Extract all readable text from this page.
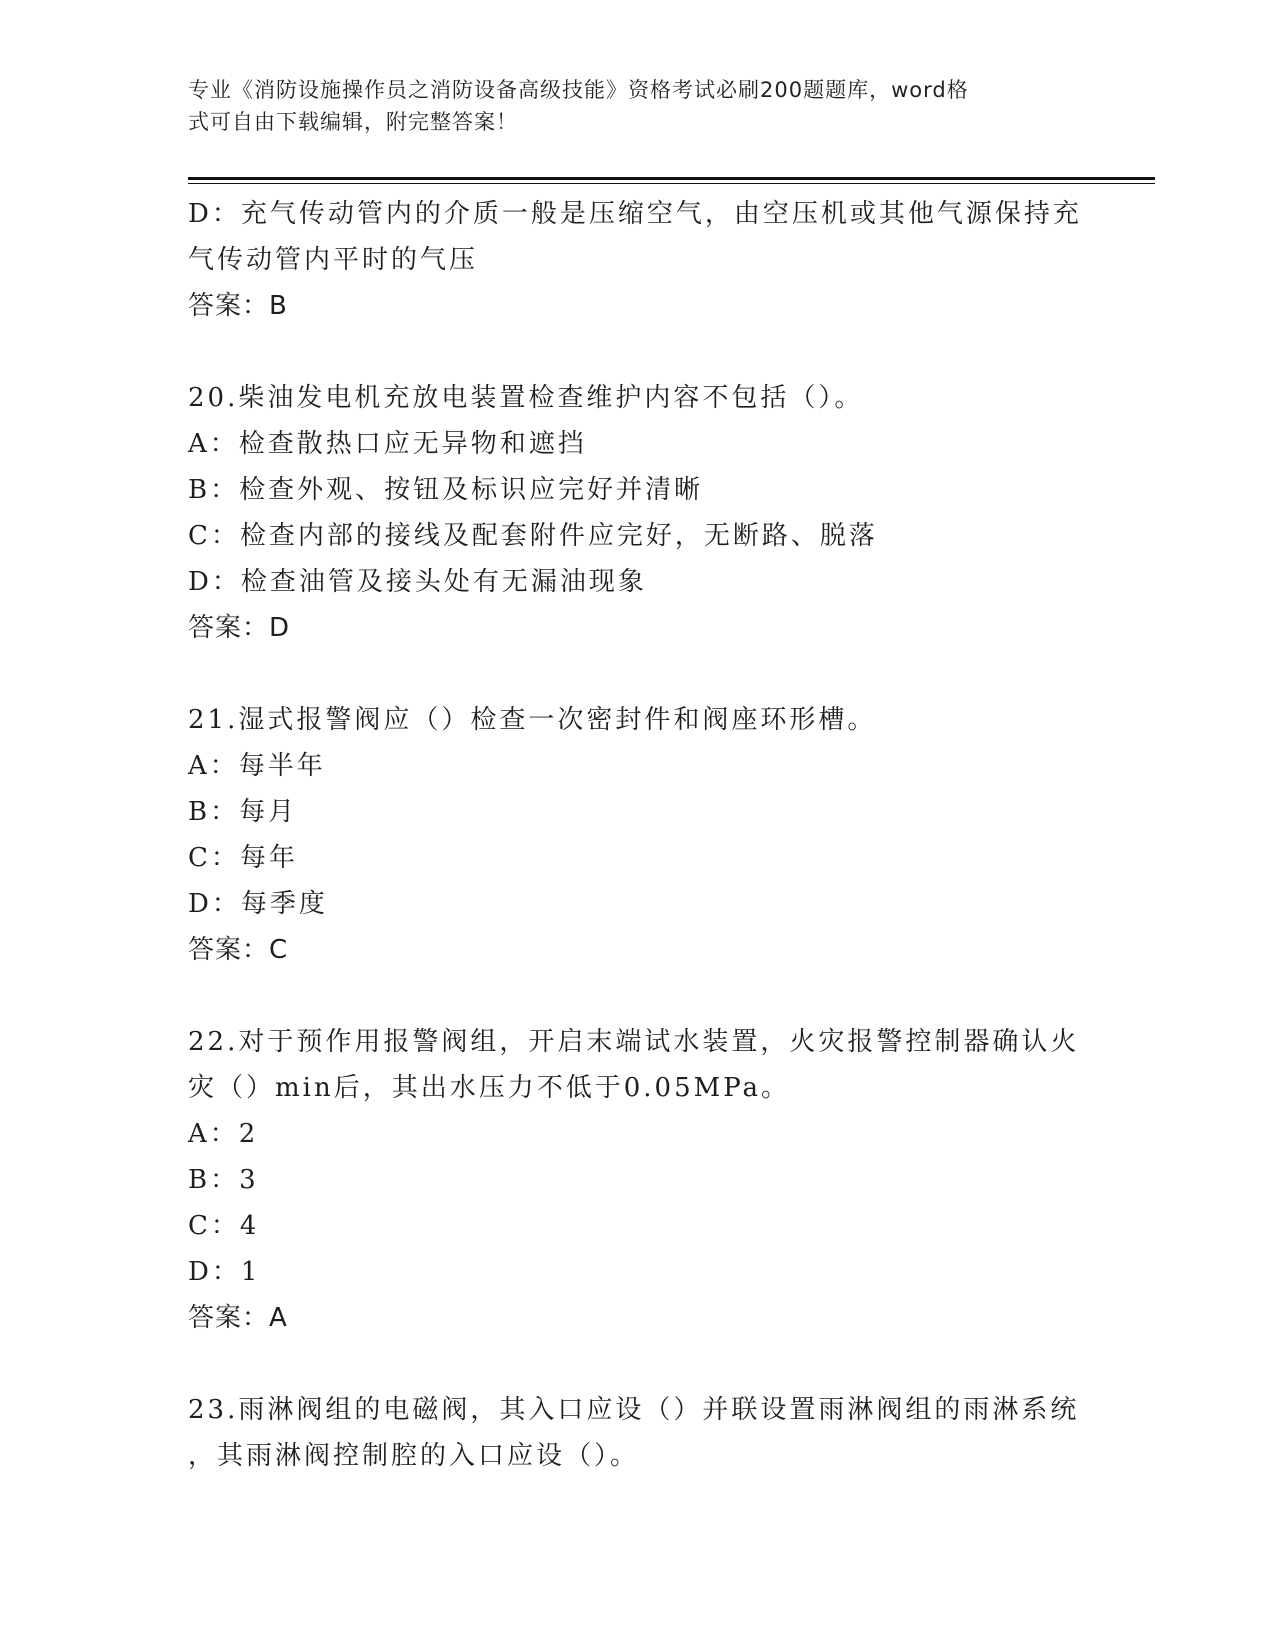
专业《消防设施操作员之消防设备高级技能》资格考试必刷200题题库，word格
式可自由下载编辑，附完整答案！
D：充气传动管内的介质一般是压缩空气，由空压机或其他气源保持充
气传动管内平时的气压
答案：B
20.柴油发电机充放电装置检查维护内容不包括（）。
A：检查散热口应无异物和遮挡
B：检查外观、按钮及标识应完好并清晰
C：检查内部的接线及配套附件应完好，无断路、脱落
D：检查油管及接头处有无漏油现象
答案：D
21.湿式报警阀应（）检查一次密封件和阀座环形槽。
A：每半年
B：每月
C：每年
D：每季度
答案：C
22.对于预作用报警阀组，开启末端试水装置，火灾报警控制器确认火
灾（）min后，其出水压力不低于0.05MPa。
A：2
B：3
C：4
D：1
答案：A
23.雨淋阀组的电磁阀，其入口应设（）并联设置雨淋阀组的雨淋系统
，其雨淋阀控制腔的入口应设（）。
